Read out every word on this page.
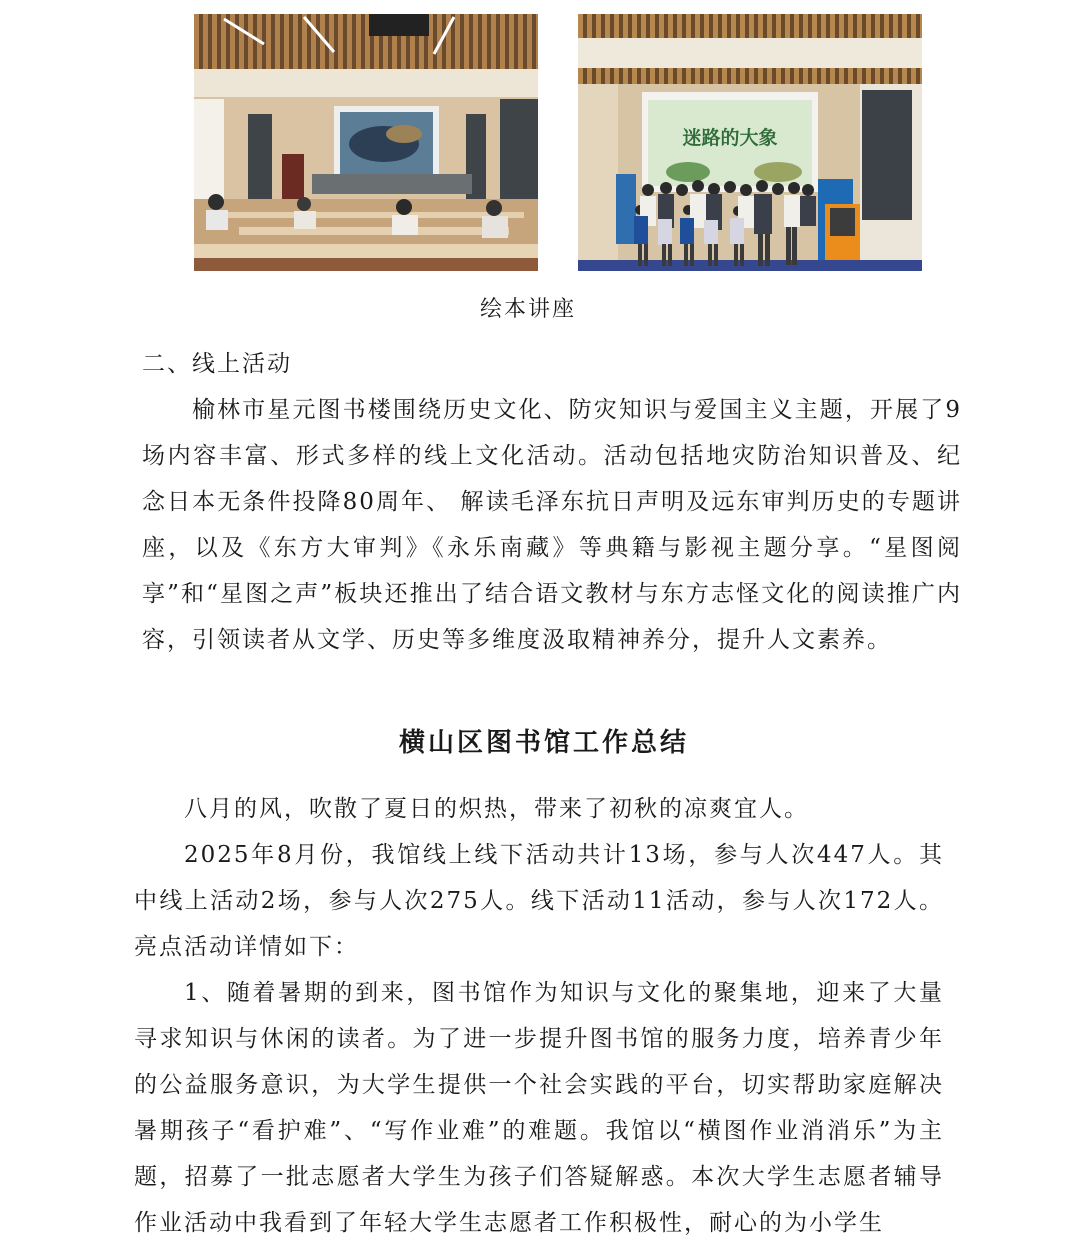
迷路的大象
绘本讲座

二、线上活动

榆林市星元图书楼围绕历史文化、防灾知识与爱国主义主题，开展了9场内容丰富、形式多样的线上文化活动。活动包括地灾防治知识普及、纪念日本无条件投降80周年、 解读毛泽东抗日声明及远东审判历史的专题讲座，以及《东方大审判》《永乐南藏》等典籍与影视主题分享。“星图阅享”和“星图之声”板块还推出了结合语文教材与东方志怪文化的阅读推广内容，引领读者从文学、历史等多维度汲取精神养分，提升人文素养。

横山区图书馆工作总结

八月的风，吹散了夏日的炽热，带来了初秋的凉爽宜人。

2025年8月份，我馆线上线下活动共计13场，参与人次447人。其中线上活动2场，参与人次275人。线下活动11活动，参与人次172人。亮点活动详情如下：

1、随着暑期的到来，图书馆作为知识与文化的聚集地，迎来了大量寻求知识与休闲的读者。为了进一步提升图书馆的服务力度，培养青少年的公益服务意识，为大学生提供一个社会实践的平台，切实帮助家庭解决暑期孩子“看护难”、“写作业难”的难题。我馆以“横图作业消消乐”为主题，招募了一批志愿者大学生为孩子们答疑解惑。本次大学生志愿者辅导作业活动中我看到了年轻大学生志愿者工作积极性，耐心的为小学生
